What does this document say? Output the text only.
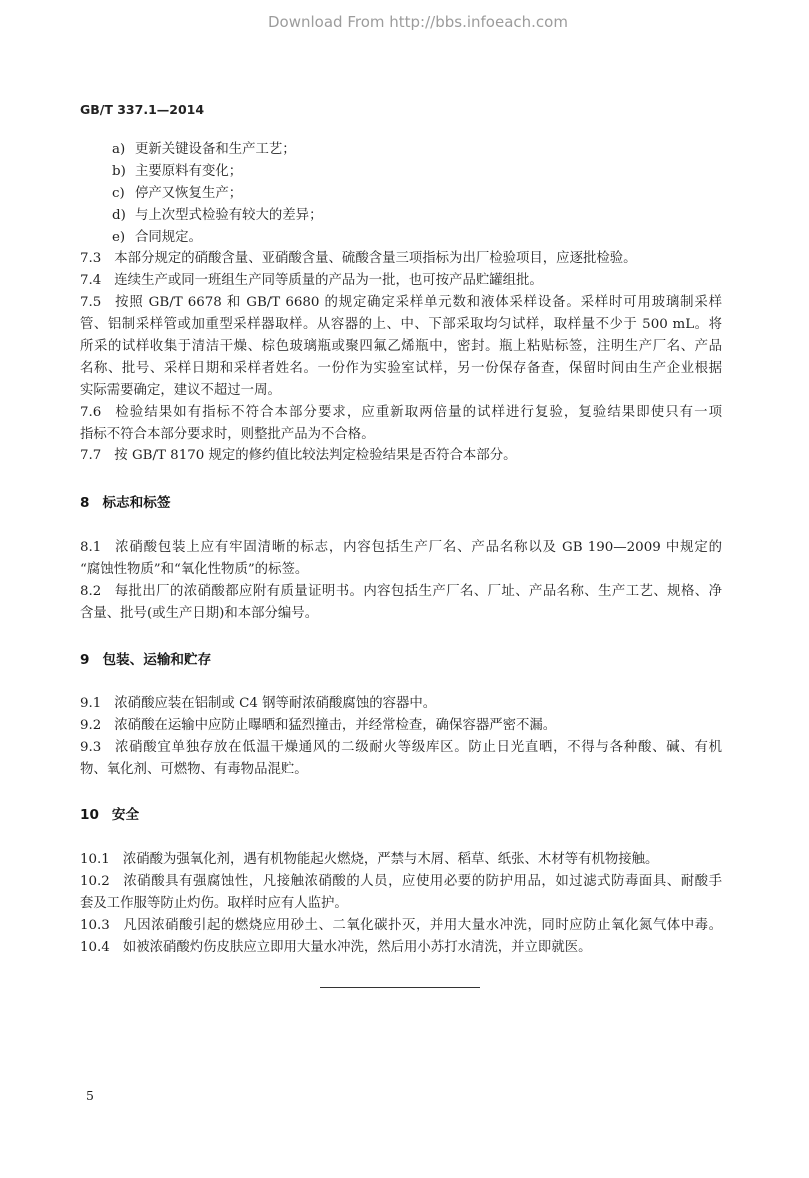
Download From http://bbs.infoeach.com
GB/T 337.1—2014
a) 更新关键设备和生产工艺；
b) 主要原料有变化；
c) 停产又恢复生产；
d) 与上次型式检验有较大的差异；
e) 合同规定。
7.3 本部分规定的硝酸含量、亚硝酸含量、硫酸含量三项指标为出厂检验项目，应逐批检验。
7.4 连续生产或同一班组生产同等质量的产品为一批，也可按产品贮罐组批。
7.5 按照 GB/T 6678 和 GB/T 6680 的规定确定采样单元数和液体采样设备。采样时可用玻璃制采样
管、铝制采样管或加重型采样器取样。从容器的上、中、下部采取均匀试样，取样量不少于 500 mL。将
所采的试样收集于清洁干燥、棕色玻璃瓶或聚四氟乙烯瓶中，密封。瓶上粘贴标签，注明生产厂名、产品
名称、批号、采样日期和采样者姓名。一份作为实验室试样，另一份保存备查，保留时间由生产企业根据
实际需要确定，建议不超过一周。
7.6 检验结果如有指标不符合本部分要求，应重新取两倍量的试样进行复验，复验结果即使只有一项
指标不符合本部分要求时，则整批产品为不合格。
7.7 按 GB/T 8170 规定的修约值比较法判定检验结果是否符合本部分。
8 标志和标签
8.1 浓硝酸包装上应有牢固清晰的标志，内容包括生产厂名、产品名称以及 GB 190—2009 中规定的
“腐蚀性物质”和“氧化性物质”的标签。
8.2 每批出厂的浓硝酸都应附有质量证明书。内容包括生产厂名、厂址、产品名称、生产工艺、规格、净
含量、批号(或生产日期)和本部分编号。
9 包装、运输和贮存
9.1 浓硝酸应装在铝制或 C4 钢等耐浓硝酸腐蚀的容器中。
9.2 浓硝酸在运输中应防止曝晒和猛烈撞击，并经常检查，确保容器严密不漏。
9.3 浓硝酸宜单独存放在低温干燥通风的二级耐火等级库区。防止日光直晒，不得与各种酸、碱、有机
物、氧化剂、可燃物、有毒物品混贮。
10 安全
10.1 浓硝酸为强氧化剂，遇有机物能起火燃烧，严禁与木屑、稻草、纸张、木材等有机物接触。
10.2 浓硝酸具有强腐蚀性，凡接触浓硝酸的人员，应使用必要的防护用品，如过滤式防毒面具、耐酸手
套及工作服等防止灼伤。取样时应有人监护。
10.3 凡因浓硝酸引起的燃烧应用砂土、二氧化碳扑灭，并用大量水冲洗，同时应防止氧化氮气体中毒。
10.4 如被浓硝酸灼伤皮肤应立即用大量水冲洗，然后用小苏打水清洗，并立即就医。
5
